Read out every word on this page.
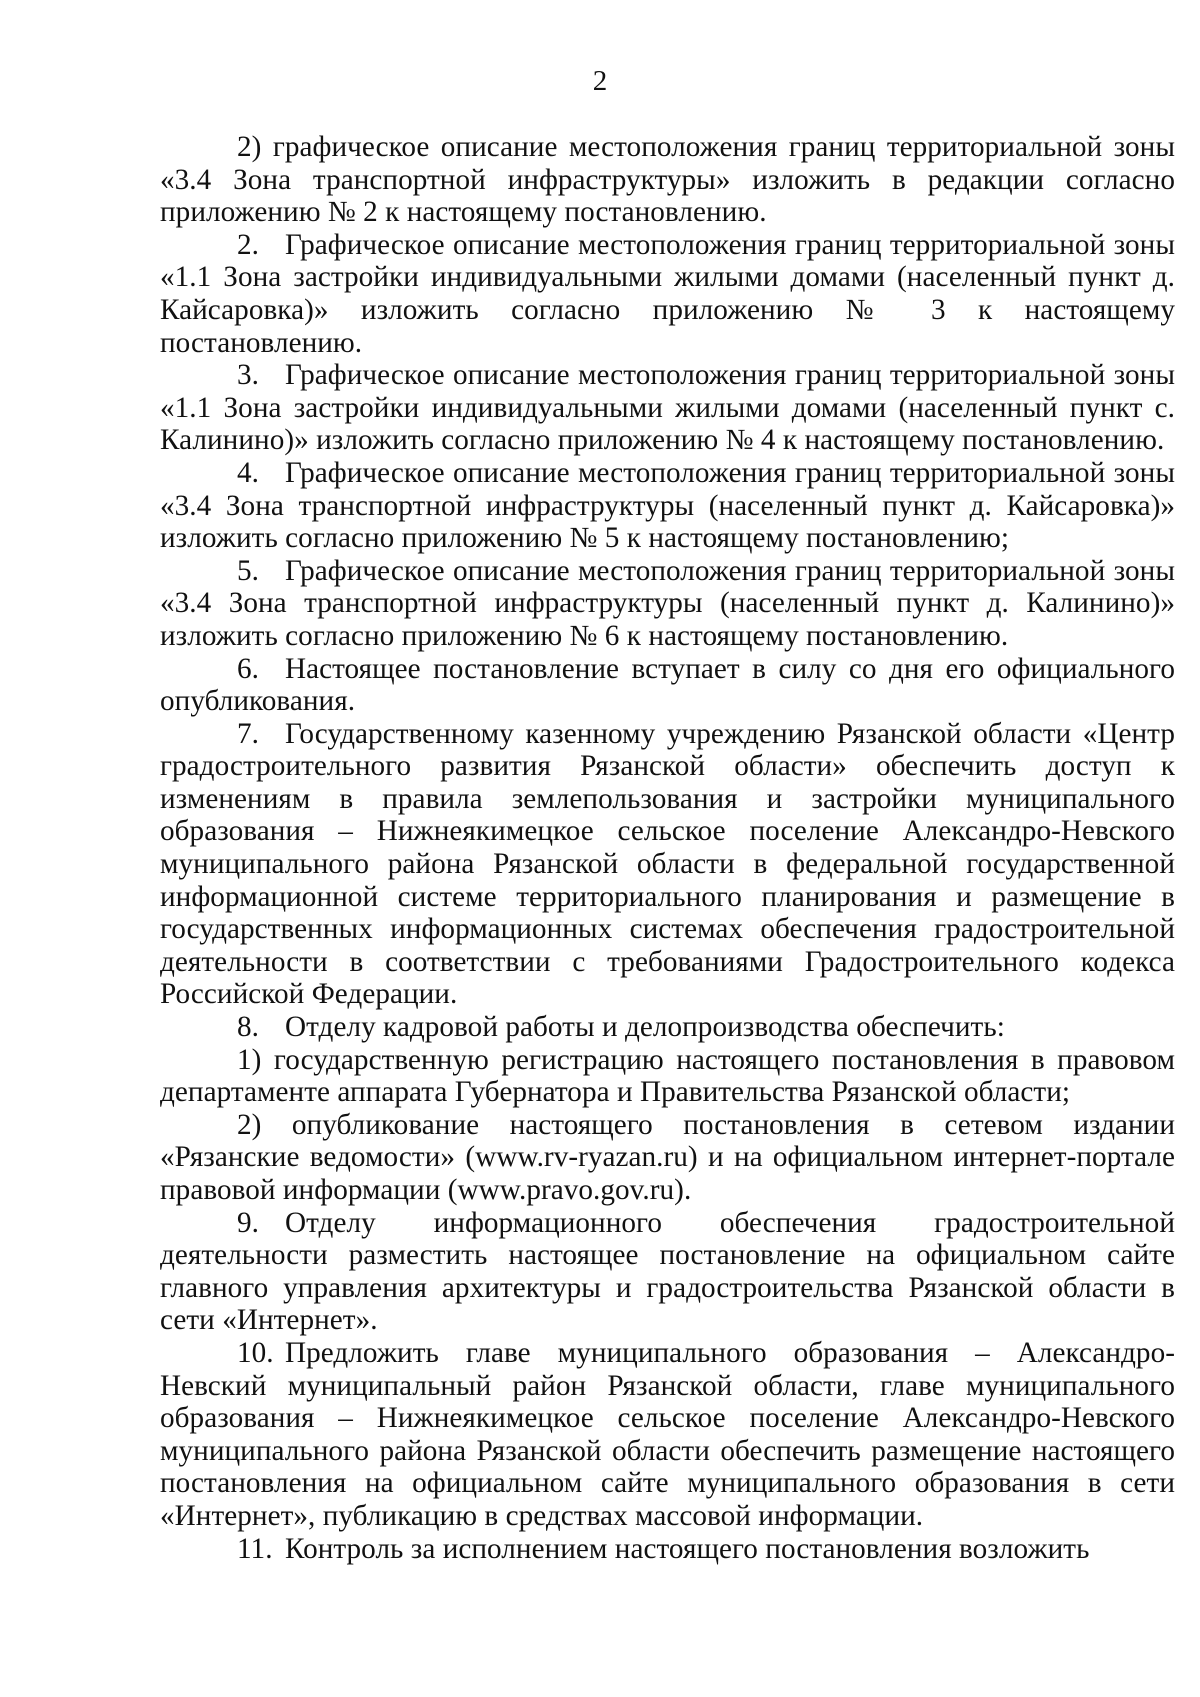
2

2) графическое описание местоположения границ территориальной зоны «3.4 Зона транспортной инфраструктуры» изложить в редакции согласно приложению № 2 к настоящему постановлению.

2. Графическое описание местоположения границ территориальной зоны «1.1 Зона застройки индивидуальными жилыми домами (населенный пункт д. Кайсаровка)» изложить согласно приложению № 3 к настоящему постановлению.

3. Графическое описание местоположения границ территориальной зоны «1.1 Зона застройки индивидуальными жилыми домами (населенный пункт с. Калинино)» изложить согласно приложению № 4 к настоящему постановлению.

4. Графическое описание местоположения границ территориальной зоны «3.4 Зона транспортной инфраструктуры (населенный пункт д. Кайсаровка)» изложить согласно приложению № 5 к настоящему постановлению;

5. Графическое описание местоположения границ территориальной зоны «3.4 Зона транспортной инфраструктуры (населенный пункт д. Калинино)» изложить согласно приложению № 6 к настоящему постановлению.

6. Настоящее постановление вступает в силу со дня его официального опубликования.

7. Государственному казенному учреждению Рязанской области «Центр градостроительного развития Рязанской области» обеспечить доступ к изменениям в правила землепользования и застройки муниципального образования – Нижнеякимецкое сельское поселение Александро-Невского муниципального района Рязанской области в федеральной государственной информационной системе территориального планирования и размещение в государственных информационных системах обеспечения градостроительной деятельности в соответствии с требованиями Градостроительного кодекса Российской Федерации.

8. Отделу кадровой работы и делопроизводства обеспечить:

1) государственную регистрацию настоящего постановления в правовом департаменте аппарата Губернатора и Правительства Рязанской области;

2) опубликование настоящего постановления в сетевом издании «Рязанские ведомости» (www.rv-ryazan.ru) и на официальном интернет-портале правовой информации (www.pravo.gov.ru).

9. Отделу информационного обеспечения градостроительной деятельности разместить настоящее постановление на официальном сайте главного управления архитектуры и градостроительства Рязанской области в сети «Интернет».

10. Предложить главе муниципального образования – Александро-Невский муниципальный район Рязанской области, главе муниципального образования – Нижнеякимецкое сельское поселение Александро-Невского муниципального района Рязанской области обеспечить размещение настоящего постановления на официальном сайте муниципального образования в сети «Интернет», публикацию в средствах массовой информации.

11. Контроль за исполнением настоящего постановления возложить
